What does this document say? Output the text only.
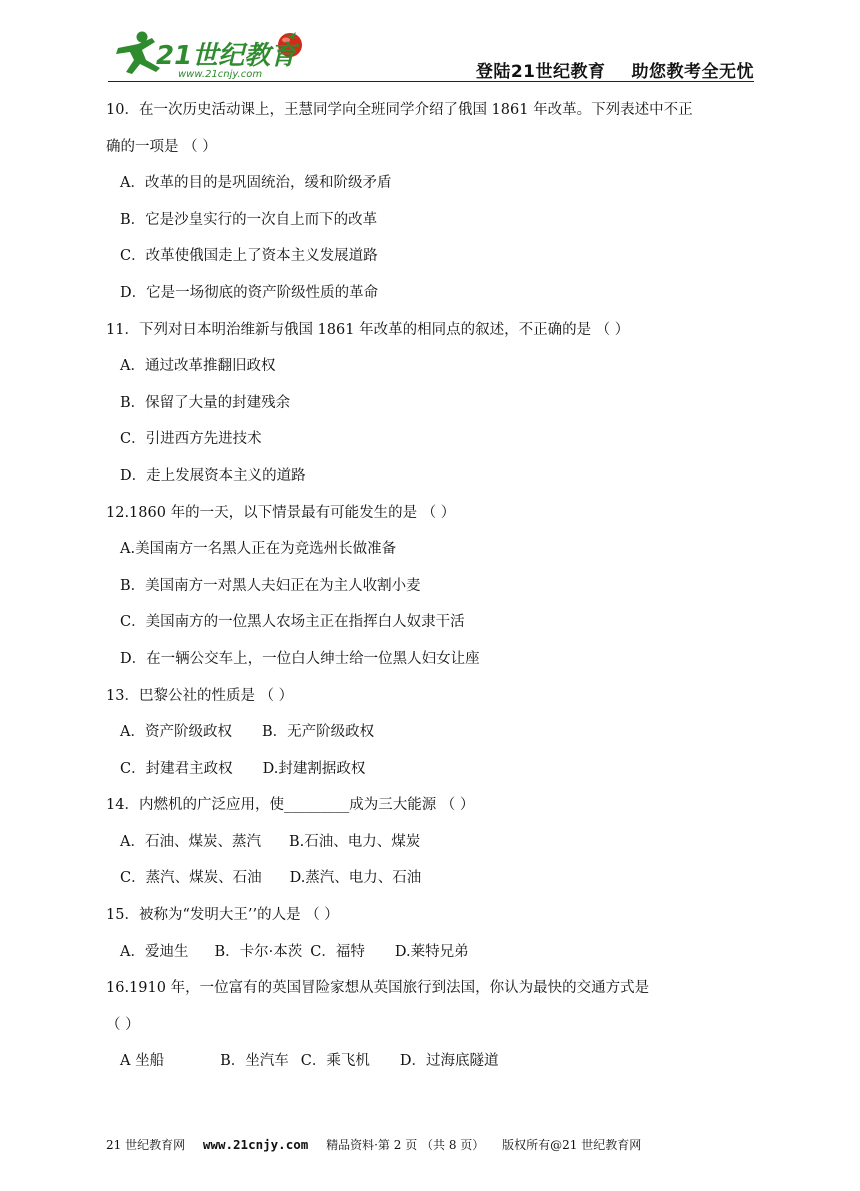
21世纪教育
www.21cnjy.com	登陆21世纪教育 助您教考全无忧
10．在一次历史活动课上，王慧同学向全班同学介绍了俄国 1861 年改革。下列表述中不正
确的一项是 （ ）
A．改革的目的是巩固统治，缓和阶级矛盾
B．它是沙皇实行的一次自上而下的改革
C．改革使俄国走上了资本主义发展道路
D．它是一场彻底的资产阶级性质的革命
11．下列对日本明治维新与俄国 1861 年改革的相同点的叙述，不正确的是 （ ）
A．通过改革推翻旧政权
B．保留了大量的封建残余
C．引进西方先进技术
D．走上发展资本主义的道路
12.1860 年的一天，以下情景最有可能发生的是 （ ）
A.美国南方一名黑人正在为竞选州长做准备
B．美国南方一对黑人夫妇正在为主人收割小麦
C．美国南方的一位黑人农场主正在指挥白人奴隶干活
D．在一辆公交车上，一位白人绅士给一位黑人妇女让座
13．巴黎公社的性质是 （ ）
A．资产阶级政权 B．无产阶级政权
C．封建君主政权 D.封建割据政权
14．内燃机的广泛应用，使_________成为三大能源 （ ）
A．石油、煤炭、蒸汽 B.石油、电力、煤炭
C．蒸汽、煤炭、石油 D.蒸汽、电力、石油
15．被称为“发明大王’’的人是 （ ）
A．爱迪生 B．卡尔·本茨 C．福特 D.莱特兄弟
16.1910 年，一位富有的英国冒险家想从英国旅行到法国，你认为最快的交通方式是
（ ）
A 坐船	B．坐汽车 C．乘飞机 D．过海底隧道
21 世纪教育网 www.21cnjy.com 精品资料·第 2 页 （共 8 页） 版权所有@21 世纪教育网
